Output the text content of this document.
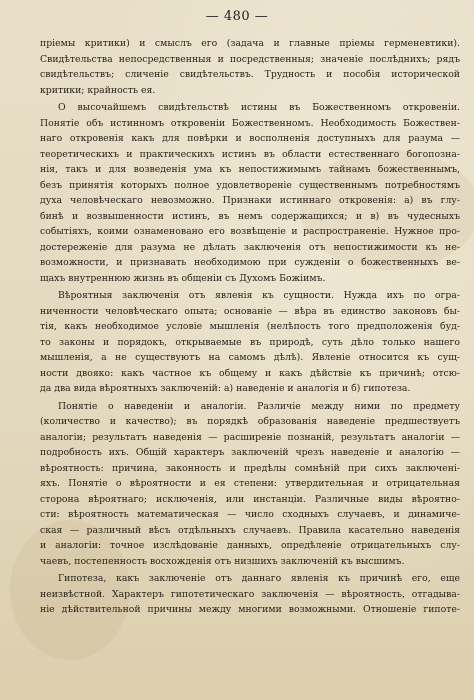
— 480 —
пріемы критики) и смыслъ его (задача и главные пріемы герменевтики).
Свидѣтельства непосредственныя и посредственныя; значеніе послѣднихъ; рядъ
свидѣтельствъ; сличеніе свидѣтельствъ. Трудность и пособія исторической
критики; крайность ея.
О высочайшемъ свидѣтельствѣ истины въ Божественномъ откровеніи.
Понятіе объ истинномъ откровеніи Божественномъ. Необходимость Божествен-
наго откровенія какъ для повѣрки и восполненія доступныхъ для разума —
теоретическихъ и практическихъ истинъ въ области естественнаго богопозна-
нія, такъ и для возведенія ума къ непостижимымъ тайнамъ божественнымъ,
безъ принятія которыхъ полное удовлетвореніе существеннымъ потребностямъ
духа человѣческаго невозможно. Признаки истиннаго откровенія: а) въ глу-
бинѣ и возвышенности истинъ, въ немъ содержащихся; и в) въ чудесныхъ
событіяхъ, коими ознаменовано его возвѣщеніе и распространеніе. Нужное про-
достереженіе для разума не дѣлать заключенія отъ непостижимости къ не-
возможности, и признавать необходимою при сужденіи о божественныхъ ве-
щахъ внутреннюю жизнь въ общеніи съ Духомъ Божіимъ.
Вѣроятныя заключенія отъ явленія къ сущности. Нужда ихъ по огра-
ниченности человѣческаго опыта; основаніе — вѣра въ единство законовъ бы-
тія, какъ необходимое условіе мышленія (нелѣпость того предположенія буд-
то законы и порядокъ, открываемые въ природѣ, суть дѣло только нашего
мышленія, а не существуютъ на самомъ дѣлѣ). Явленіе относится къ сущ-
ности двояко: какъ частное къ общему и какъ дѣйствіе къ причинѣ; отсю-
да два вида вѣроятныхъ заключеній: а) наведеніе и аналогія и б) гипотеза.
Понятіе о наведеніи и аналогіи. Различіе между ними по предмету
(количество и качество); въ порядкѣ образованія наведеніе предшествуетъ
аналогіи; результатъ наведенія — расширеніе познаній, результатъ аналогіи —
подробность ихъ. Общій характеръ заключеній чрезъ наведеніе и аналогію —
вѣроятность: причина, законность и предѣлы сомнѣній при сихъ заключені-
яхъ. Понятіе о вѣроятности и ея степени: утвердительная и отрицательная
сторона вѣроятнаго; исключенія, или инстанціи. Различные виды вѣроятно-
сти: вѣроятность математическая — число сходныхъ случаевъ, и динамиче-
ская — различный вѣсъ отдѣльныхъ случаевъ. Правила касательно наведенія
и аналогіи: точное изслѣдованіе данныхъ, опредѣленіе отрицательныхъ слу-
чаевъ, постепенность восхожденія отъ низшихъ заключеній къ высшимъ.
Гипотеза, какъ заключеніе отъ даннаго явленія къ причинѣ его, еще
неизвѣстной. Характеръ гипотетическаго заключенія — вѣроятность, отгадыва-
ніе дѣйствительной причины между многими возможными. Отношеніе гипоте-
